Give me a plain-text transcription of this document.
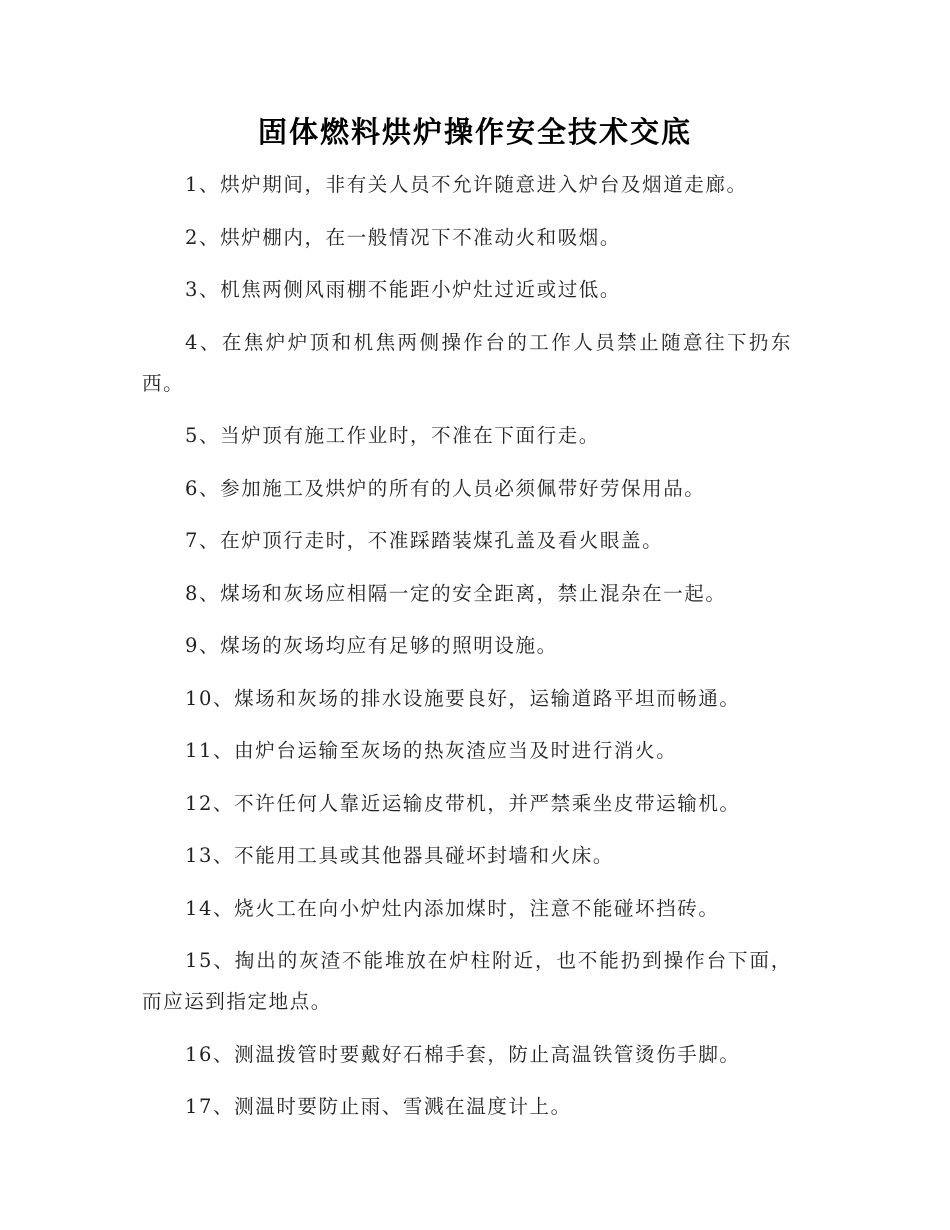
固体燃料烘炉操作安全技术交底

1、烘炉期间，非有关人员不允许随意进入炉台及烟道走廊。

2、烘炉棚内，在一般情况下不准动火和吸烟。

3、机焦两侧风雨棚不能距小炉灶过近或过低。

4、在焦炉炉顶和机焦两侧操作台的工作人员禁止随意往下扔东西。

5、当炉顶有施工作业时，不准在下面行走。

6、参加施工及烘炉的所有的人员必须佩带好劳保用品。

7、在炉顶行走时，不准踩踏装煤孔盖及看火眼盖。

8、煤场和灰场应相隔一定的安全距离，禁止混杂在一起。

9、煤场的灰场均应有足够的照明设施。

10、煤场和灰场的排水设施要良好，运输道路平坦而畅通。

11、由炉台运输至灰场的热灰渣应当及时进行消火。

12、不许任何人靠近运输皮带机，并严禁乘坐皮带运输机。

13、不能用工具或其他器具碰坏封墙和火床。

14、烧火工在向小炉灶内添加煤时，注意不能碰坏挡砖。

15、掏出的灰渣不能堆放在炉柱附近，也不能扔到操作台下面，而应运到指定地点。

16、测温拨管时要戴好石棉手套，防止高温铁管烫伤手脚。

17、测温时要防止雨、雪溅在温度计上。
